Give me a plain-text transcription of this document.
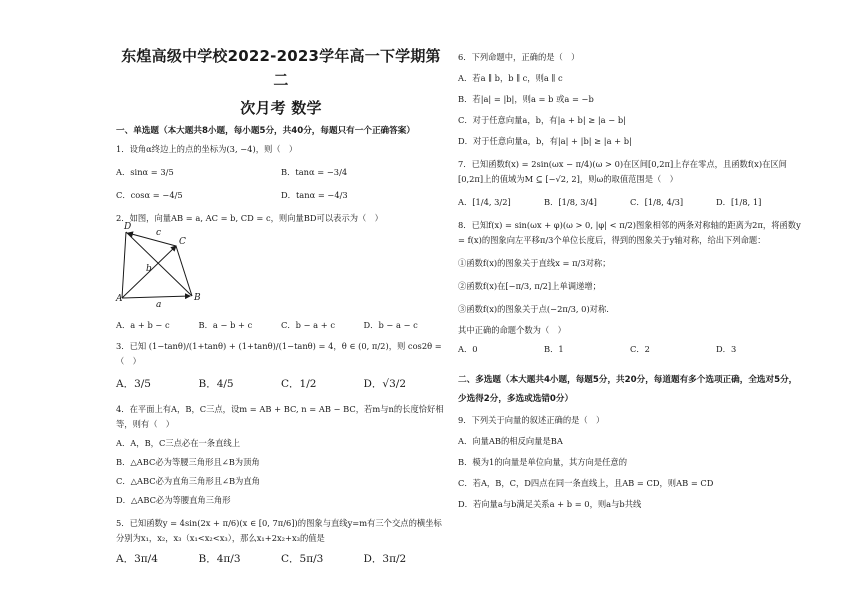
东煌高级中学校2022-2023学年高一下学期第二
次月考 数学
一、单选题（本大题共8小题，每小题5分，共40分，每题只有一个正确答案）
1．设角α终边上的点的坐标为(3, −4)，则（　）
A．sinα = 3/5	B．tanα = −3/4
C．cosα = −4/5	D．tanα = −4/3
2．如图，向量AB = a, AC = b, CD = c，则向量BD可以表示为（　）
D
C
A	B
c
b
a
A．a + b − c	B．a − b + c	C．b − a + c	D．b − a − c
3．已知 (1−tanθ)/(1+tanθ) + (1+tanθ)/(1−tanθ) = 4，θ ∈ (0, π/2)，则 cos2θ =（　）
A．3/5	B．4/5	C．1/2	D．√3/2
4．在平面上有A，B，C三点，设m = AB + BC, n = AB − BC，若m与n的长度恰好相等，则有（　）
A．A，B，C三点必在一条直线上
B．△ABC必为等腰三角形且∠B为顶角
C．△ABC必为直角三角形且∠B为直角
D．△ABC必为等腰直角三角形
5．已知函数y = 4sin(2x + π/6)(x ∈ [0, 7π/6])的图象与直线y=m有三个交点的横坐标分别为x₁，x₂，x₃（x₁<x₂<x₃），那么x₁+2x₂+x₃的值是
A．3π/4	B．4π/3	C．5π/3	D．3π/2
6．下列命题中，正确的是（　）
A．若a ∥ b，b ∥ c，则a ∥ c
B．若|a| = |b|，则a = b 或a = −b
C．对于任意向量a，b，有|a + b| ≥ |a − b|
D．对于任意向量a，b，有|a| + |b| ≥ |a + b|
7．已知函数f(x) = 2sin(ωx − π/4)(ω > 0)在区间[0,2π]上存在零点，且函数f(x)在区间[0,2π]上的值域为M ⊆ [−√2, 2]，则ω的取值范围是（　）
A．[1/4, 3/2]	B．[1/8, 3/4]	C．[1/8, 4/3]	D．[1/8, 1]
8．已知f(x) = sin(ωx + φ)(ω > 0, |φ| < π/2)图象相邻的两条对称轴的距离为2π，将函数y = f(x)的图象向左平移π/3个单位长度后，得到的图象关于y轴对称，给出下列命题：
①函数f(x)的图象关于直线x = π/3对称；
②函数f(x)在[−π/3, π/2]上单调递增；
③函数f(x)的图象关于点(−2π/3, 0)对称.
其中正确的命题个数为（　）
A．0	B．1	C．2	D．3
二、多选题（本大题共4小题，每题5分，共20分，每道题有多个选项正确，全选对5分，少选得2分，多选或选错0分）
9．下列关于向量的叙述正确的是（　）
A．向量AB的相反向量是BA
B．模为1的向量是单位向量，其方向是任意的
C．若A，B，C，D四点在同一条直线上，且AB = CD，则AB = CD
D．若向量a与b满足关系a + b = 0，则a与b共线
